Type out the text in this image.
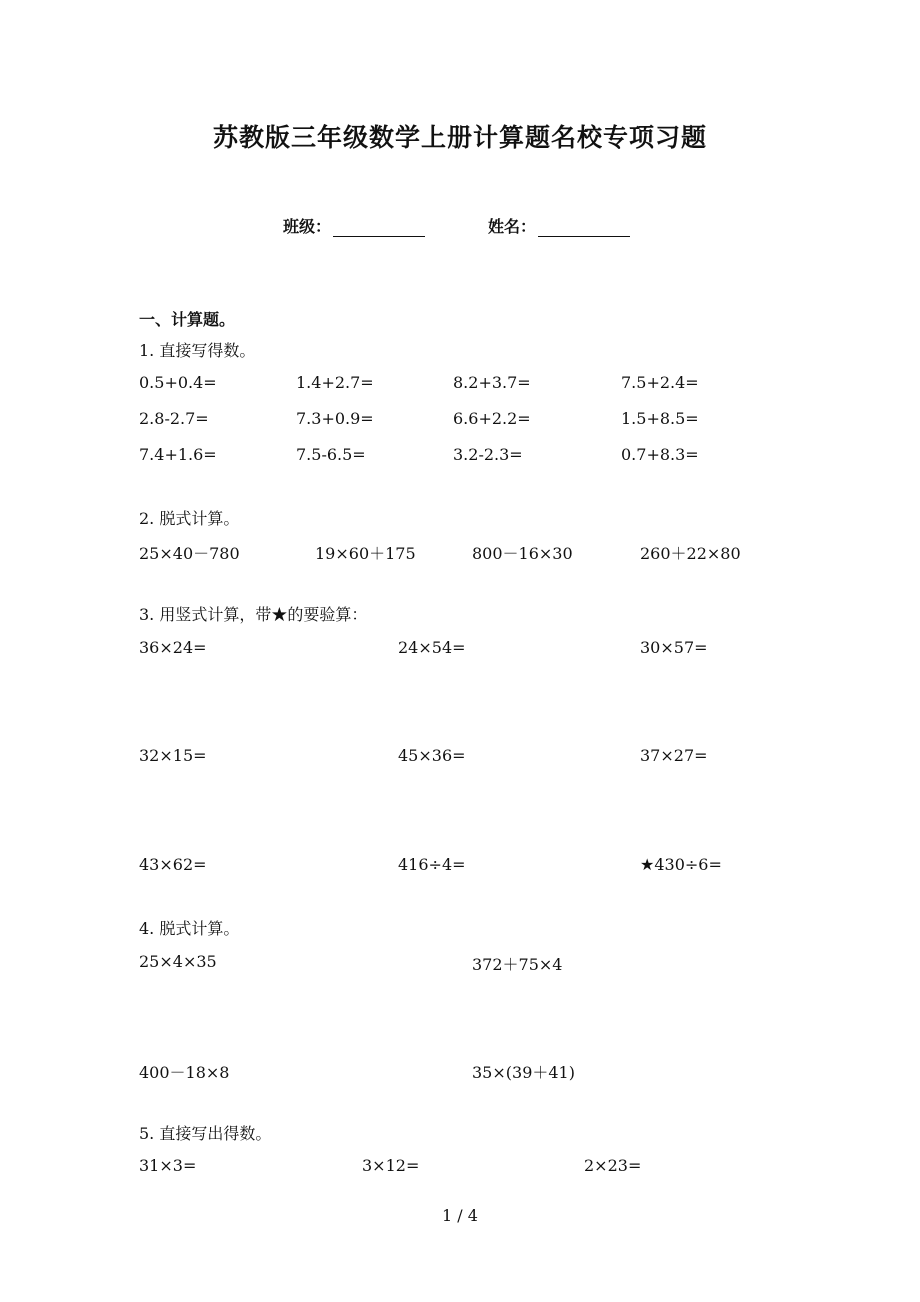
苏教版三年级数学上册计算题名校专项习题
班级：	姓名：
一、计算题。
1. 直接写得数。
0.5+0.4=	1.4+2.7=	8.2+3.7=	7.5+2.4=
2.8-2.7=	7.3+0.9=	6.6+2.2=	1.5+8.5=
7.4+1.6=	7.5-6.5=	3.2-2.3=	0.7+8.3=
2. 脱式计算。
25×40－780	19×60＋175	800－16×30	260＋22×80
3. 用竖式计算，带★的要验算：
36×24=	24×54=	30×57=
32×15=	45×36=	37×27=
43×62=	416÷4=	★430÷6=
4. 脱式计算。
25×4×35	372＋75×4
400－18×8	35×(39＋41)
5. 直接写出得数。
31×3=	3×12=	2×23=
1 / 4
